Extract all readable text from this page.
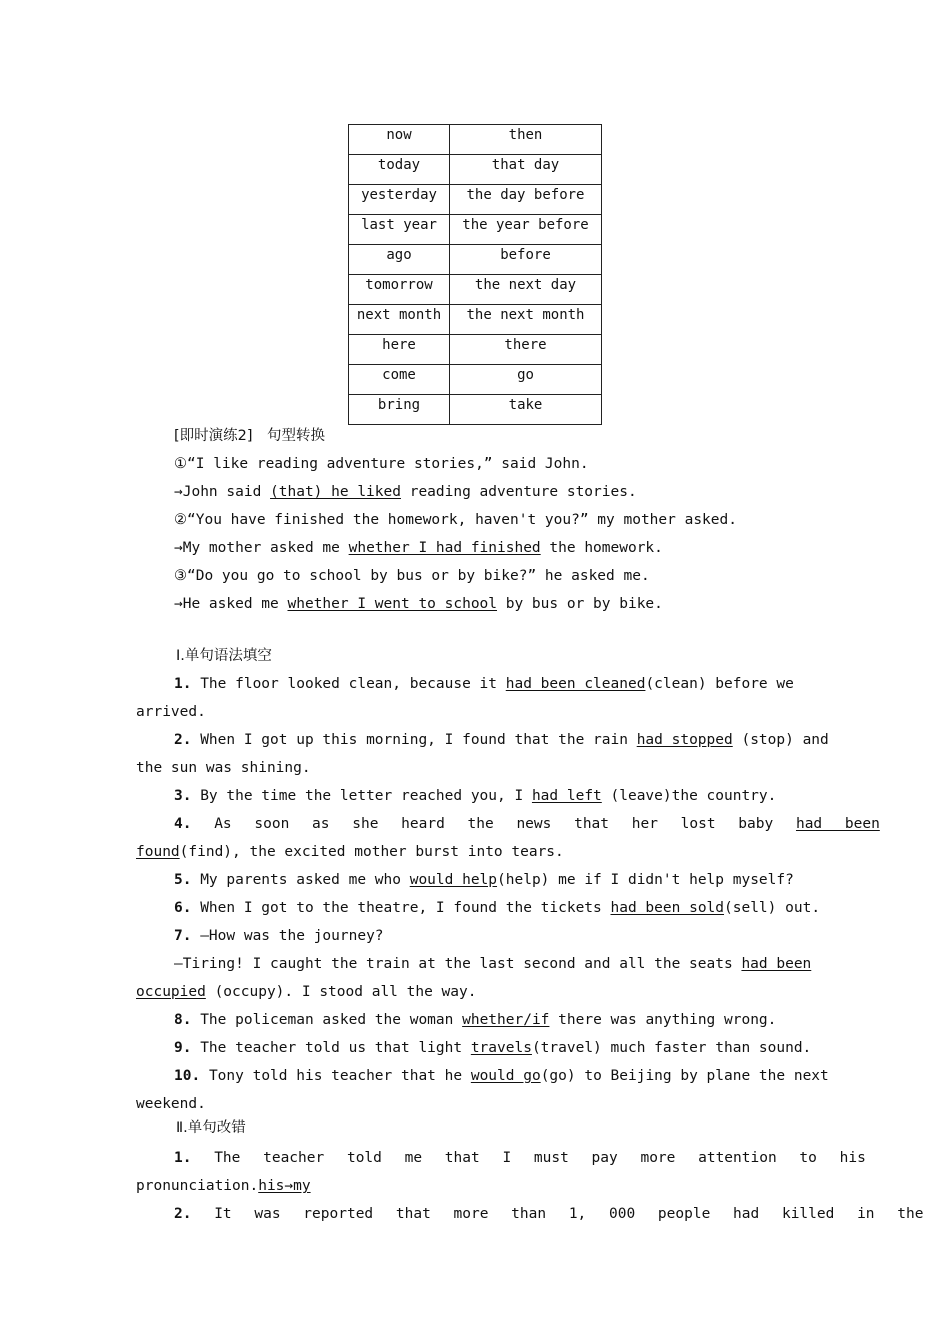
now	then
today	that day
yesterday	the day before
last year	the year before
ago	before
tomorrow	the next day
next month	the next month
here	there
come	go
bring	take
[即时演练2]　句型转换
①“I like reading adventure stories,” said John.
→John said (that) he liked reading adventure stories.
②“You have finished the homework, haven't you?” my mother asked.
→My mother asked me whether I had finished the homework.
③“Do you go to school by bus or by bike?” he asked me.
→He asked me whether I went to school by bus or by bike.
Ⅰ.单句语法填空
1. The floor looked clean, because it had been cleaned(clean) before we
arrived.
2. When I got up this morning, I found that the rain had stopped (stop) and
the sun was shining.
3. By the time the letter reached you, I had left (leave)the country.
4. As soon as she heard the news that her lost baby had been
found(find), the excited mother burst into tears.
5. My parents asked me who would help(help) me if I didn't help myself?
6. When I got to the theatre, I found the tickets had been sold(sell) out.
7. —How was the journey?
—Tiring! I caught the train at the last second and all the seats had been
occupied (occupy). I stood all the way.
8. The policeman asked the woman whether/if there was anything wrong.
9. The teacher told us that light travels(travel) much faster than sound.
10. Tony told his teacher that he would go(go) to Beijing by plane the next
weekend.
Ⅱ.单句改错
1. The teacher told me that I must pay more attention to his
pronunciation.his→my
2. It was reported that more than 1, 000 people had killed in the
